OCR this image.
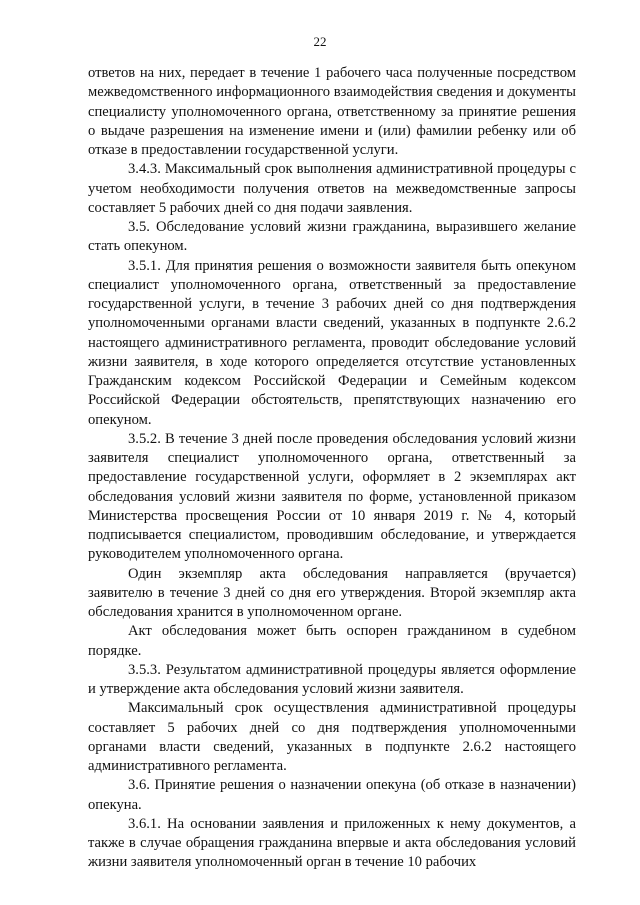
22

ответов на них, передает в течение 1 рабочего часа полученные посредством межведомственного информационного взаимодействия сведения и документы специалисту уполномоченного органа, ответственному за принятие решения о выдаче разрешения на изменение имени и (или) фамилии ребенку или об отказе в предоставлении государственной услуги.

3.4.3. Максимальный срок выполнения административной процедуры с учетом необходимости получения ответов на межведомственные запросы составляет 5 рабочих дней со дня подачи заявления.

3.5. Обследование условий жизни гражданина, выразившего желание стать опекуном.

3.5.1. Для принятия решения о возможности заявителя быть опекуном специалист уполномоченного органа, ответственный за предоставление государственной услуги, в течение 3 рабочих дней со дня подтверждения уполномоченными органами власти сведений, указанных в подпункте 2.6.2 настоящего административного регламента, проводит обследование условий жизни заявителя, в ходе которого определяется отсутствие установленных Гражданским кодексом Российской Федерации и Семейным кодексом Российской Федерации обстоятельств, препятствующих назначению его опекуном.

3.5.2. В течение 3 дней после проведения обследования условий жизни заявителя специалист уполномоченного органа, ответственный за предоставление государственной услуги, оформляет в 2 экземплярах акт обследования условий жизни заявителя по форме, установленной приказом Министерства просвещения России от 10 января 2019 г. № 4, который подписывается специалистом, проводившим обследование, и утверждается руководителем уполномоченного органа.

Один экземпляр акта обследования направляется (вручается) заявителю в течение 3 дней со дня его утверждения. Второй экземпляр акта обследования хранится в уполномоченном органе.

Акт обследования может быть оспорен гражданином в судебном порядке.

3.5.3. Результатом административной процедуры является оформление и утверждение акта обследования условий жизни заявителя.

Максимальный срок осуществления административной процедуры составляет 5 рабочих дней со дня подтверждения уполномоченными органами власти сведений, указанных в подпункте 2.6.2 настоящего административного регламента.

3.6. Принятие решения о назначении опекуна (об отказе в назначении) опекуна.

3.6.1. На основании заявления и приложенных к нему документов, а также в случае обращения гражданина впервые и акта обследования условий жизни заявителя уполномоченный орган в течение 10 рабочих
